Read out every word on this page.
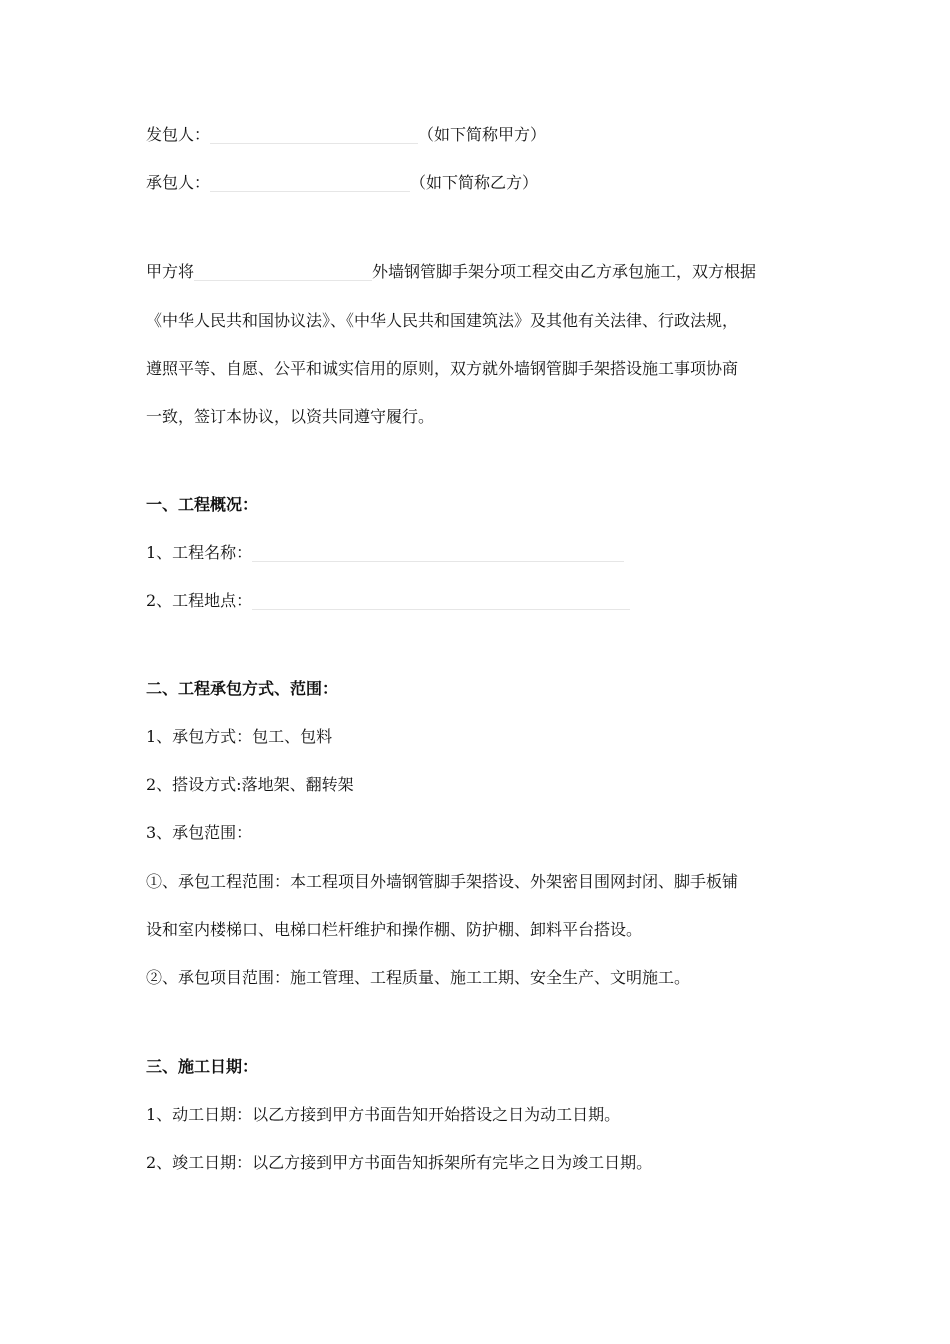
发包人：	（如下简称甲方）
承包人：	（如下简称乙方）
甲方将	外墙钢管脚手架分项工程交由乙方承包施工，双方根据
《中华人民共和国协议法》、《中华人民共和国建筑法》及其他有关法律、行政法规，
遵照平等、自愿、公平和诚实信用的原则，双方就外墙钢管脚手架搭设施工事项协商
一致，签订本协议，以资共同遵守履行。
一、工程概况：
1、工程名称：
2、工程地点：
二、工程承包方式、范围：
1、承包方式：包工、包料
2、搭设方式:落地架、翻转架
3、承包范围：
①、承包工程范围：本工程项目外墙钢管脚手架搭设、外架密目围网封闭、脚手板铺
设和室内楼梯口、电梯口栏杆维护和操作棚、防护棚、卸料平台搭设。
②、承包项目范围：施工管理、工程质量、施工工期、安全生产、文明施工。
三、施工日期：
1、动工日期：以乙方接到甲方书面告知开始搭设之日为动工日期。
2、竣工日期：以乙方接到甲方书面告知拆架所有完毕之日为竣工日期。
